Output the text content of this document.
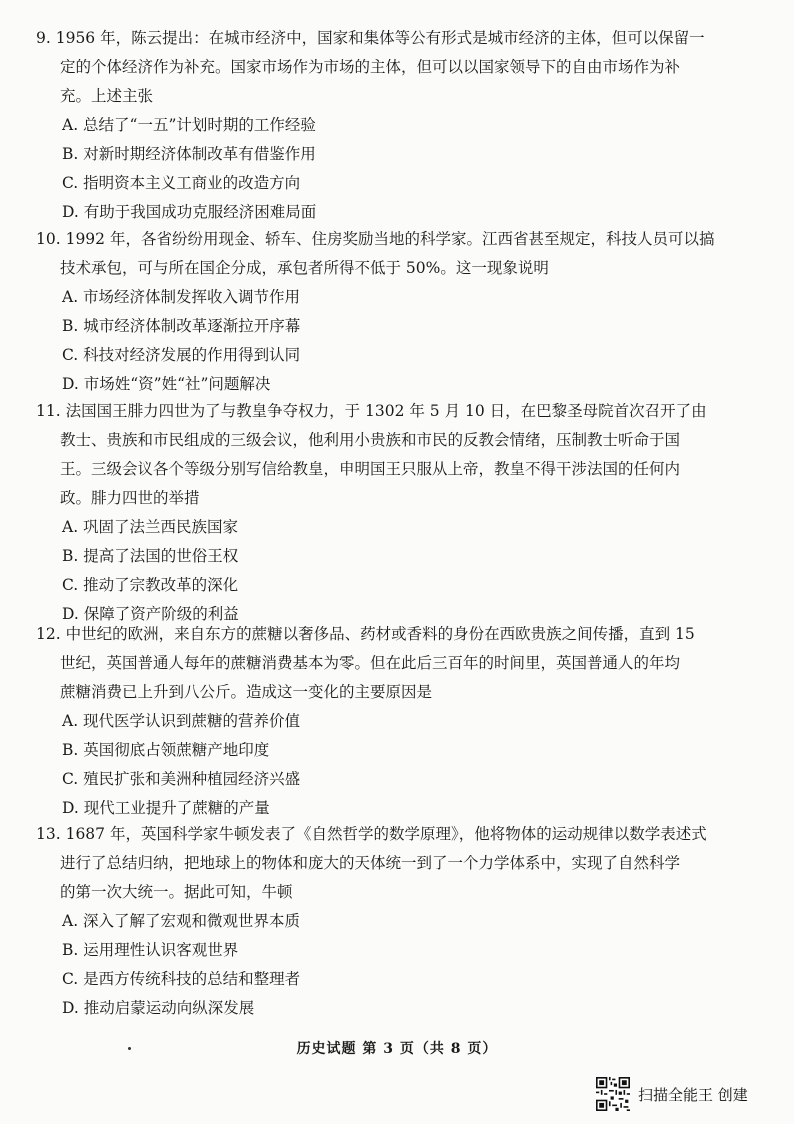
9. 1956 年，陈云提出：在城市经济中，国家和集体等公有形式是城市经济的主体，但可以保留一
定的个体经济作为补充。国家市场作为市场的主体，但可以以国家领导下的自由市场作为补
充。上述主张
A. 总结了“一五”计划时期的工作经验
B. 对新时期经济体制改革有借鉴作用
C. 指明资本主义工商业的改造方向
D. 有助于我国成功克服经济困难局面
10. 1992 年，各省纷纷用现金、轿车、住房奖励当地的科学家。江西省甚至规定，科技人员可以搞
技术承包，可与所在国企分成，承包者所得不低于 50%。这一现象说明
A. 市场经济体制发挥收入调节作用
B. 城市经济体制改革逐渐拉开序幕
C. 科技对经济发展的作用得到认同
D. 市场姓“资”姓“社”问题解决
11. 法国国王腓力四世为了与教皇争夺权力，于 1302 年 5 月 10 日，在巴黎圣母院首次召开了由
教士、贵族和市民组成的三级会议，他利用小贵族和市民的反教会情绪，压制教士听命于国
王。三级会议各个等级分别写信给教皇，申明国王只服从上帝，教皇不得干涉法国的任何内
政。腓力四世的举措
A. 巩固了法兰西民族国家
B. 提高了法国的世俗王权
C. 推动了宗教改革的深化
D. 保障了资产阶级的利益
12. 中世纪的欧洲，来自东方的蔗糖以奢侈品、药材或香料的身份在西欧贵族之间传播，直到 15
世纪，英国普通人每年的蔗糖消费基本为零。但在此后三百年的时间里，英国普通人的年均
蔗糖消费已上升到八公斤。造成这一变化的主要原因是
A. 现代医学认识到蔗糖的营养价值
B. 英国彻底占领蔗糖产地印度
C. 殖民扩张和美洲种植园经济兴盛
D. 现代工业提升了蔗糖的产量
13. 1687 年，英国科学家牛顿发表了《自然哲学的数学原理》，他将物体的运动规律以数学表述式
进行了总结归纳，把地球上的物体和庞大的天体统一到了一个力学体系中，实现了自然科学
的第一次大统一。据此可知，牛顿
A. 深入了解了宏观和微观世界本质
B. 运用理性认识客观世界
C. 是西方传统科技的总结和整理者
D. 推动启蒙运动向纵深发展
历史试题 第 3 页（共 8 页）
扫描全能王 创建
